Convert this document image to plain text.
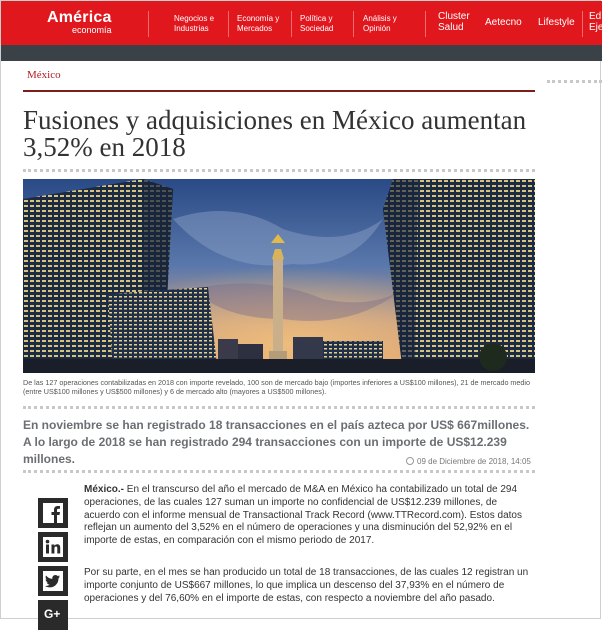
América
economía
Negocios e
Industrias
Economía y
Mercados
Política y
Sociedad
Análisis y
Opinión
Cluster
Salud	Aetecno Lifestyle
Ed
Eje
México
Fusiones y adquisiciones en México aumentan 3,52% en 2018
De las 127 operaciones contabilizadas en 2018 con importe revelado, 100 son de mercado bajo (importes inferiores a US$100 millones), 21 de mercado medio (entre US$100 millones y US$500 millones) y 6 de mercado alto (mayores a US$500 millones).
En noviembre se han registrado 18 transacciones en el país azteca por US$ 667millones. A lo largo de 2018 se han registrado 294 transacciones con un importe de US$12.239 millones.	09 de Diciembre de 2018, 14:05
G+
México.- En el transcurso del año el mercado de M&A en México ha contabilizado un total de 294 operaciones, de las cuales 127 suman un importe no confidencial de US$12.239 millones, de acuerdo con el informe mensual de Transactional Track Record (www.TTRecord.com). Estos datos reflejan un aumento del 3,52% en el número de operaciones y una disminución del 52,92% en el importe de estas, en comparación con el mismo periodo de 2017.
Por su parte, en el mes se han producido un total de 18 transacciones, de las cuales 12 registran un importe conjunto de US$667 millones, lo que implica un descenso del 37,93% en el número de operaciones y del 76,60% en el importe de estas, con respecto a noviembre del año pasado.
